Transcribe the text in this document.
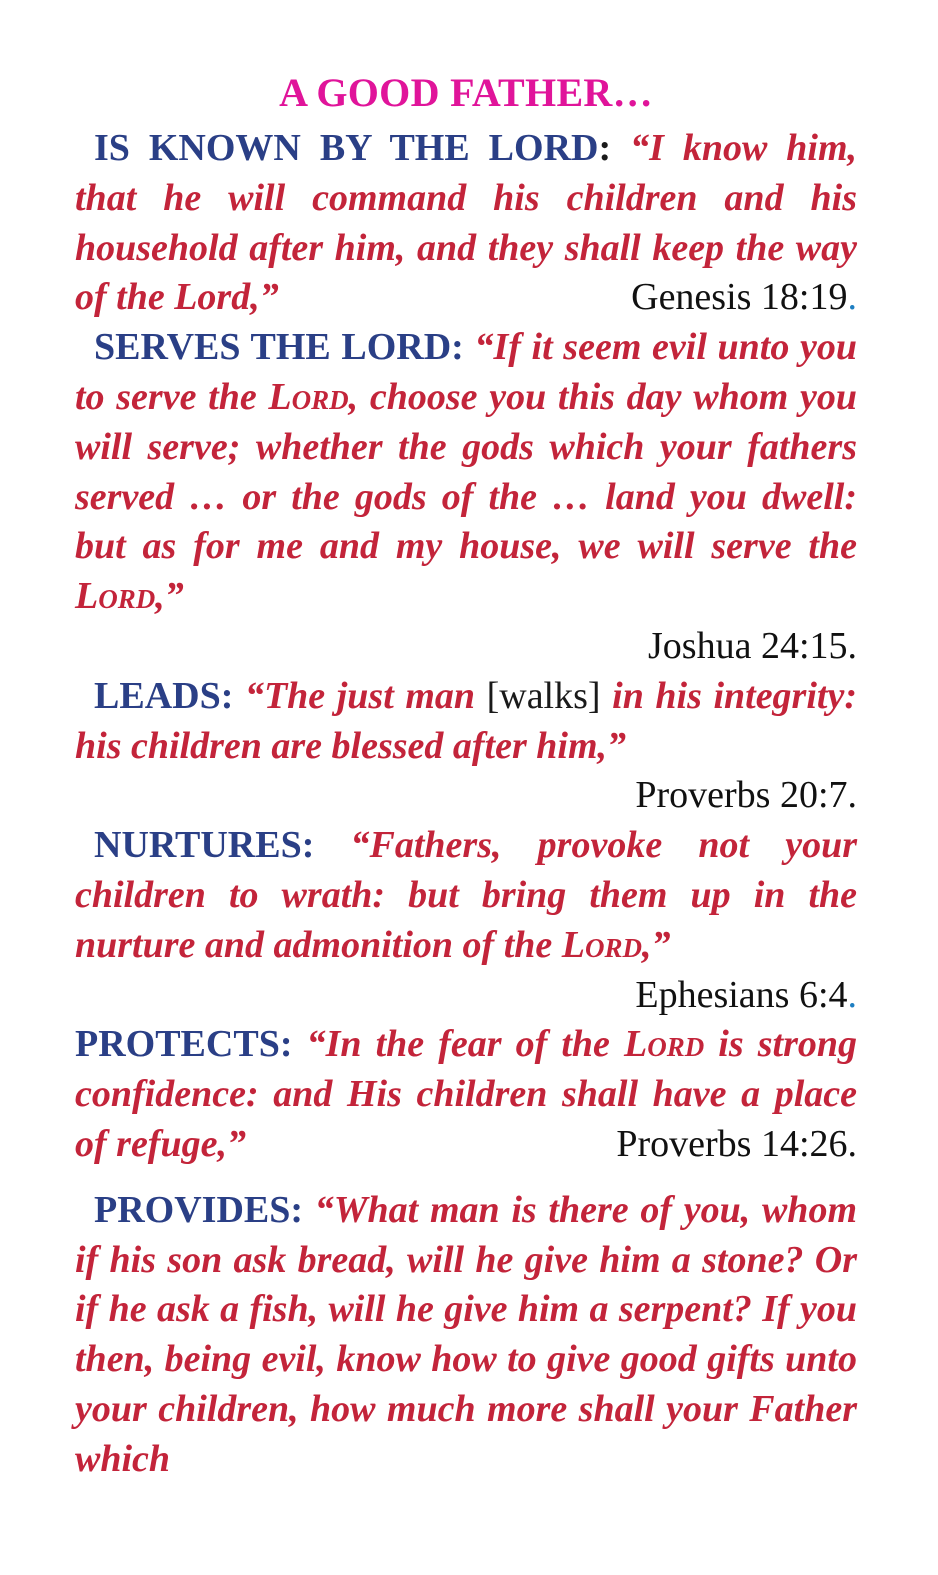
A GOOD FATHER…
IS KNOWN BY THE LORD: “I know him, that he will command his children and his household after him, and they shall keep the way of the Lord,”	Genesis 18:19.
SERVES THE LORD: “If it seem evil unto you to serve the Lord, choose you this day whom you will serve; whether the gods which your fathers served … or the gods of the … land you dwell: but as for me and my house, we will serve the Lord,”
Joshua 24:15.
LEADS: “The just man [walks] in his integrity: his children are blessed after him,”
Proverbs 20:7.
NURTURES: “Fathers, provoke not your children to wrath: but bring them up in the nurture and admonition of the Lord,”
Ephesians 6:4.
PROTECTS: “In the fear of the Lord is strong confidence: and His children shall have a place of refuge,”	Proverbs 14:26.
PROVIDES: “What man is there of you, whom if his son ask bread, will he give him a stone? Or if he ask a fish, will he give him a serpent? If you then, being evil, know how to give good gifts unto your children, how much more shall your Father which
